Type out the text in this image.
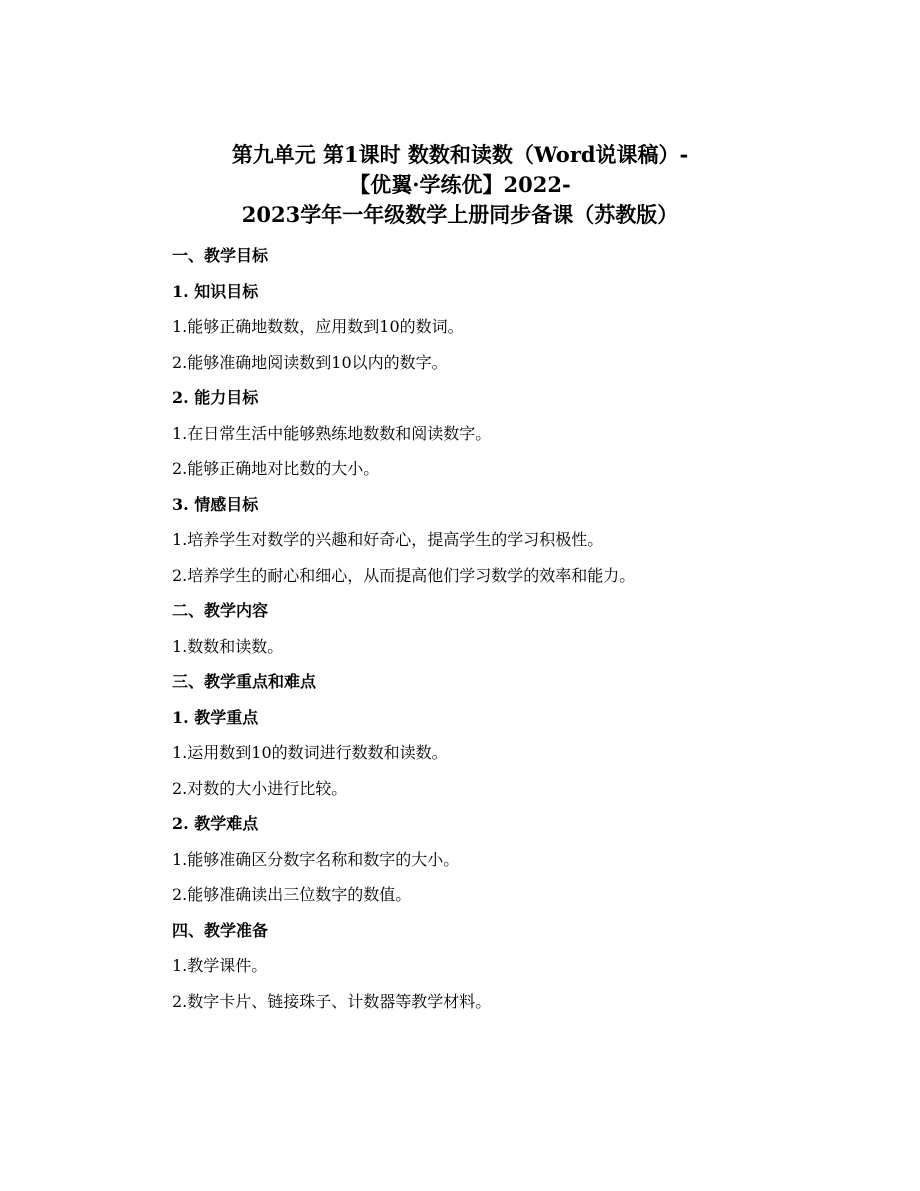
第九单元 第1课时 数数和读数（Word说课稿）-
【优翼·学练优】2022-
2023学年一年级数学上册同步备课（苏教版）
一、教学目标
1. 知识目标
1.能够正确地数数，应用数到10的数词。
2.能够准确地阅读数到10以内的数字。
2. 能力目标
1.在日常生活中能够熟练地数数和阅读数字。
2.能够正确地对比数的大小。
3. 情感目标
1.培养学生对数学的兴趣和好奇心，提高学生的学习积极性。
2.培养学生的耐心和细心，从而提高他们学习数学的效率和能力。
二、教学内容
1.数数和读数。
三、教学重点和难点
1. 教学重点
1.运用数到10的数词进行数数和读数。
2.对数的大小进行比较。
2. 教学难点
1.能够准确区分数字名称和数字的大小。
2.能够准确读出三位数字的数值。
四、教学准备
1.教学课件。
2.数字卡片、链接珠子、计数器等教学材料。
